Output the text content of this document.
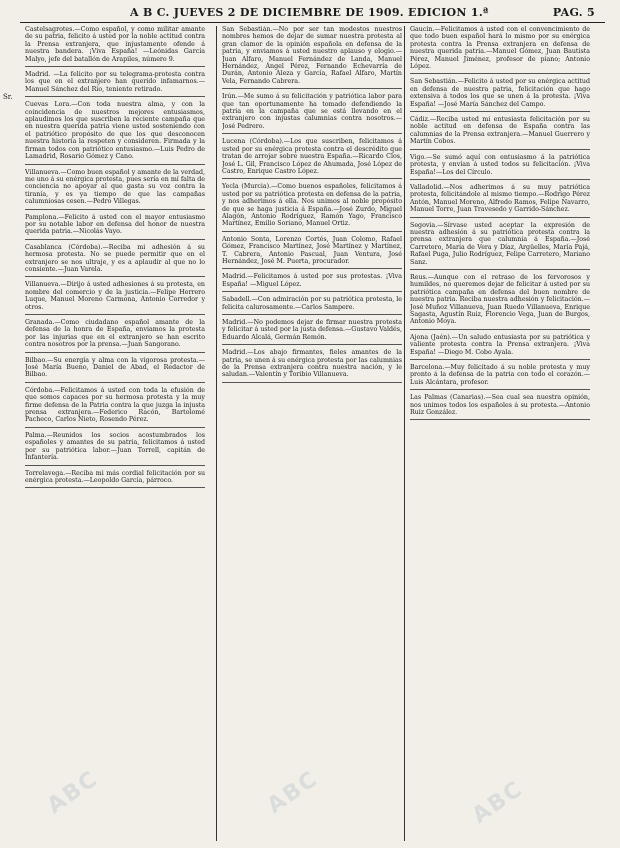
A B C. JUEVES 2 DE DICIEMBRE DE 1909. EDICION 1.ª	PAG. 5
Sr.
Castelsagrotes.—Como español, y como militar amante de su patria, felicito á usted por la noble actitud contra la Prensa extranjera, que injustamente ofende á nuestra bandera. ¡Viva España! —Leónidas García Malyo, jefe del batallón de Arapiles, número 9.
Madrid. —La felicito por su telegrama-protesta contra los que en el extranjero han querido infamarnos.—Manuel Sánchez del Río, teniente retirado.
Cuevas Lora.—Con toda nuestra alma, y con la coincidencia de nuestros mejores entusiasmos, aplaudimos los que suscriben la reciente campaña que en nuestra querida patria viene usted sosteniendo con el patriótico propósito de que los que desconocen nuestra historia la respeten y consideren. Firmada y la firman todos con patriótico entusiasmo.—Luis Pedro de Lamadrid, Rosario Gómez y Cano.
Villanueva.—Como buen español y amante de la verdad, me uno á su enérgica protesta, pues sería en mí falta de conciencia no apoyar al que gasta su voz contra la tiranía, y es ya tiempo de que las campañas calumniosas cesen.—Pedro Villegas.
Pamplona.—Felicito á usted con el mayor entusiasmo por su notable labor en defensa del honor de nuestra querida patria.—Nicolás Vayo.
Casablanca (Córdoba).—Reciba mi adhesión á su hermosa protesta. No se puede permitir que en el extranjero se nos ultraje, y es a aplaudir al que no lo consiente.—Juan Varela.
Villanueva.—Dirijo á usted adhesiones á su protesta, en nombre del comercio y de la justicia.—Felipe Herrero Luque, Manuel Moreno Carmona, Antonio Corredor y otros.
Granada.—Como ciudadano español amante de la defensa de la honra de España, enviamos la protesta por las injurias que en el extranjero se han escrito contra nosotros por la prensa.—Juan Sangorano.
Bilbao.—Su energía y alma con la vigorosa protesta.—José María Bueno, Daniel de Abad, el Redactor de Bilbao.
Córdoba.—Felicitamos á usted con toda la efusión de que somos capaces por su hermosa protesta y la muy firme defensa de la Patria contra la que juzga la injusta prensa extranjera.—Federico Racón, Bartolomé Pacheco, Carlos Nieto, Rosendo Pérez.
Palma.—Reunidos los socios acostumbrados los españoles y amantes de su patria, felicitamos á usted por su patriótica labor.—Juan Torrell, capitán de Infantería.
Torrelavega.—Reciba mi más cordial felicitación por su enérgica protesta.—Leopoldo García, párroco.
San Sebastián.—No por ser tan modestos nuestros nombres hemos de dejar de sumar nuestra protesta al gran clamor de la opinión española en defensa de la patria, y enviamos á usted nuestro aplauso y elogio.—Juan Alfaro, Manuel Fernández de Landa, Manuel Hernández, Ángel Pérez, Fernando Echevarría de Durán, Antonio Aleza y García, Rafael Alfaro, Martín Vela, Fernando Cabrera.
Irún.—Me sumo á su felicitación y patriótica labor para que tan oportunamente ha tomado defendiendo la patria en la campaña que se está llevando en el extranjero con injustas calumnias contra nosotros.—José Pedrero.
Lucena (Córdoba).—Los que suscriben, felicitamos á usted por su enérgica protesta contra el descrédito que tratan de arrojar sobre nuestra España.—Ricardo Clos, José L. Gil, Francisco López de Ahumada, José López de Castro, Enrique Castro López.
Yecla (Murcia).—Como buenos españoles, felicitamos á usted por su patriótica protesta en defensa de la patria, y nos adherimos á ella. Nos unimos al noble propósito de que se haga justicia á España.—José Zurdo, Miguel Alagón, Antonio Rodríguez, Ramón Yago, Francisco Martínez, Emilio Soriano, Manuel Ortiz.
Antonio Sonta, Lorenzo Cortés, Juan Colomo, Rafael Gómez, Francisco Martínez, José Martínez y Martínez, T. Cabrera, Antonio Pascual, Juan Ventura, José Hernández, José M. Puerta, procurador.
Madrid.—Felicitamos á usted por sus protestas. ¡Viva España! —Miguel López.
Sabadell.—Con admiración por su patriótica protesta, le felicita calurosamente.—Carlos Sampere.
Madrid.—No podemos dejar de firmar nuestra protesta y felicitar á usted por la justa defensa.—Gustavo Valdés, Eduardo Alcalá, Germán Remón.
Madrid.—Los abajo firmantes, fieles amantes de la patria, se unen á su enérgica protesta por las calumnias de la Prensa extranjera contra nuestra nación, y le saludan.—Valentín y Toribio Villanueva.
Gaucín.—Felicitamos á usted con el convencimiento de que todo buen español hará lo mismo por su enérgica protesta contra la Prensa extranjera en defensa de nuestra querida patria.—Manuel Gómez, Juan Bautista Pérez, Manuel Jiménez, profesor de piano; Antonio López.
San Sebastián.—Felicito á usted por su enérgica actitud en defensa de nuestra patria, felicitación que hago extensiva á todos los que se unen á la protesta. ¡Viva España! —José María Sánchez del Campo.
Cádiz.—Reciba usted mi entusiasta felicitación por su noble actitud en defensa de España contra las calumnias de la Prensa extranjera.—Manuel Guerrero y Martín Cobos.
Vigo.—Se sumó aquí con entusiasmo á la patriótica protesta, y envían á usted todos su felicitación. ¡Viva España!—Los del Círculo.
Valladolid.—Nos adherimos á su muy patriótica protesta, felicitándole al mismo tiempo.—Rodrigo Pérez Antón, Manuel Moreno, Alfredo Ramos, Felipe Navarro, Manuel Torre, Juan Travesedo y Garrido-Sánchez.
Segovia.—Sírvase usted aceptar la expresión de nuestra adhesión á su patriótica protesta contra la prensa extranjera que calumnia á España.—José Carretero, María de Vera y Díaz, Argüelles, María Pajá, Rafael Puga, Julio Rodríguez, Felipe Carretero, Mariano Sanz.
Reus.—Aunque con el retraso de los fervorosos y humildes, no queremos dejar de felicitar á usted por su patriótica campaña en defensa del buen nombre de nuestra patria. Reciba nuestra adhesión y felicitación.—José Muñoz Villanueva, Juan Ruedo Villanueva, Enrique Sagasta, Agustín Ruiz, Florencio Vega, Juan de Burgos, Antonio Moya.
Ajona (Jaén).—Un saludo entusiasta por su patriótica y valiente protesta contra la Prensa extranjera. ¡Viva España! —Diego M. Cobo Ayala.
Barcelona.—Muy felicitado á su noble protesta y muy pronto á la defensa de la patria con todo el corazón.—Luis Alcántara, profesor.
Las Palmas (Canarias).—Sea cual sea nuestra opinión, nos unimos todos los españoles á su protesta.—Antonio Ruiz González.
ABC	ABC	ABC
